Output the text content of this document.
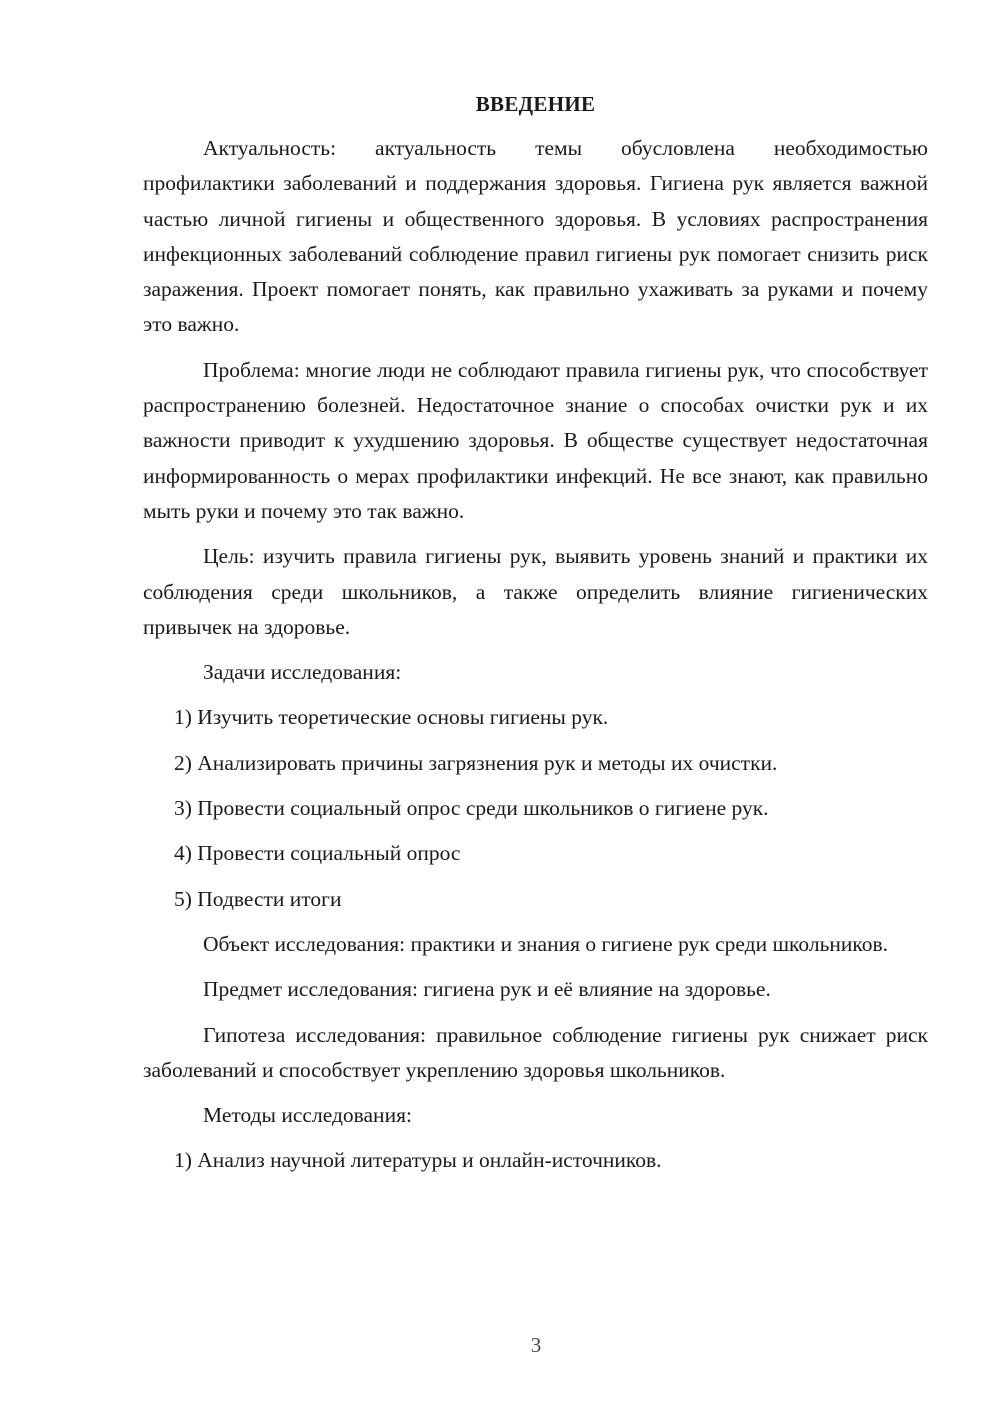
ВВЕДЕНИЕ

Актуальность: актуальность темы обусловлена необходимостью профилактики заболеваний и поддержания здоровья. Гигиена рук является важной частью личной гигиены и общественного здоровья. В условиях распространения инфекционных заболеваний соблюдение правил гигиены рук помогает снизить риск заражения. Проект помогает понять, как правильно ухаживать за руками и почему это важно.

Проблема: многие люди не соблюдают правила гигиены рук, что способствует распространению болезней. Недостаточное знание о способах очистки рук и их важности приводит к ухудшению здоровья. В обществе существует недостаточная информированность о мерах профилактики инфекций. Не все знают, как правильно мыть руки и почему это так важно.

Цель: изучить правила гигиены рук, выявить уровень знаний и практики их соблюдения среди школьников, а также определить влияние гигиенических привычек на здоровье.

Задачи исследования:

1) Изучить теоретические основы гигиены рук.
2) Анализировать причины загрязнения рук и методы их очистки.
3) Провести социальный опрос среди школьников о гигиене рук.
4) Провести социальный опрос
5) Подвести итоги

Объект исследования: практики и знания о гигиене рук среди школьников.

Предмет исследования: гигиена рук и её влияние на здоровье.

Гипотеза исследования: правильное соблюдение гигиены рук снижает риск заболеваний и способствует укреплению здоровья школьников.

Методы исследования:

1) Анализ научной литературы и онлайн-источников.
3
